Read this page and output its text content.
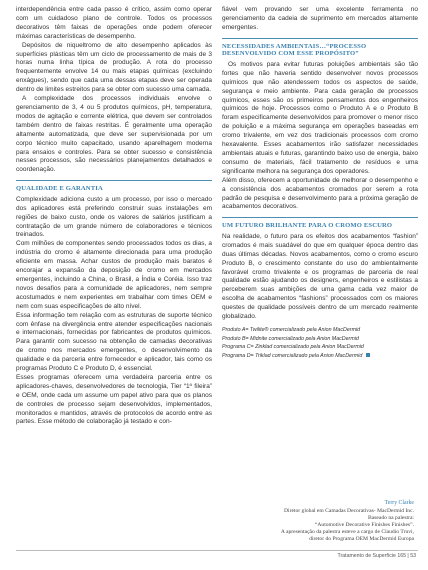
interdependência entre cada passo é crítico, assim como operar com um cuidadoso plano de controle. Todos os processos decorativos têm faixas de operações onde podem oferecer máximas características de desempenho.

Depósitos de niqueltromo de alto desempenho aplicados às superfícies plásticas têm um ciclo de processamento de mais de 3 horas numa linha típica de produção. A rota do processo frequentemente envolve 14 ou mais etapas químicas (excluindo enxágues), sendo que cada uma dessas etapas deve ser operada dentro de limites estreitos para se obter com sucesso uma camada.

A complexidade dos processos individuais envolve o gerenciamento de 3, 4 ou 5 produtos químicos, pH, temperatura, modos de agitação e corrente elétrica, que devem ser controlados também dentro de faixas restritas. É geralmente uma operação altamente automatizada, que deve ser supervisionada por um corpo técnico muito capacitado, usando aparelhagem moderna para ensaios e controles. Para se obter sucesso e consistência nesses processos, são necessários planejamentos detalhados e coordenação.

QUALIDADE E GARANTIA

Complexidade adiciona custo a um processo, por isso o mercado dos aplicadores está preferindo construir suas instalações em regiões de baixo custo, onde os valores de salários justificam a contratação de um grande número de colaboradores e técnicos treinados.

Com milhões de componentes sendo processados todos os dias, a indústria do cromo é altamente direcionada para uma produção eficiente em massa. Achar custos de produção mais baratos é encorajar a expansão da deposição de cromo em mercados emergentes, incluindo a China, o Brasil, a Índia e Coréia. Isso traz novos desafios para a comunidade de aplicadores, nem sempre acostumados e nem experientes em trabalhar com times OEM e nem com suas especificações de alto nível.

Essa informação tem relação com as estruturas de suporte técnico com ênfase na divergência entre atender especificações nacionais e internacionais, fornecidas por fabricantes de produtos químicos. Para garantir com sucesso na obtenção de camadas decorativas de cromo nos mercados emergentes, o desenvolvimento da qualidade e da parceria entre fornecedor e aplicador, tais como os programas Produto C e Produto D, é essencial.

Esses programas oferecem uma verdadeira parceria entre os aplicadores-chaves, desenvolvedores de tecnologia, Tier “1º fileira” e OEM, onde cada um assume um papel ativo para que os planos de controles de processo sejam desenvolvidos, implementados, monitorados e mantidos, através de protocolos de acordo entre as partes. Esse método de colaboração já testado e con-

fiável vem provando ser uma excelente ferramenta no gerenciamento da cadeia de suprimento em mercados altamente emergentes.

NECESSIDADES AMBIENTAIS…“PROCESSO DESENVOLVIDO COM ESSE PROPÓSITO”

Os motivos para evitar futuras poluições ambientais são tão fortes que não haveria sentido desenvolver novos processos químicos que não atendessem todos os aspectos de saúde, segurança e meio ambiente. Para cada geração de processos químicos, esses são os primeiros pensamentos dos engenheiros químicos de hoje. Processos como o Produto A e o Produto B foram especificamente desenvolvidos para promover o menor risco de poluição e a máxima segurança em operações baseadas em cromo trivalente, em vez dos tradicionais processos com cromo hexavalente. Esses acabamentos irão satisfazer necessidades ambientais atuais e futuras, garantindo baixo uso de energia, baixo consumo de materiais, fácil tratamento de resíduos e uma significante melhora na segurança dos operadores.

Além disso, oferecem a oportunidade de melhorar o desempenho e a consistência dos acabamentos cromados por serem a rota padrão de pesquisa e desenvolvimento para a próxima geração de acabamentos decorativos.

UM FUTURO BRILHANTE PARA O CROMO ESCURO

Na realidade, o futuro para os efeitos dos acabamentos “fashion” cromados é mais suadável do que em qualquer época dentro das duas últimas décadas. Novos acabamentos, como o cromo escuro Produto B, o crescimento constante do uso do ambientalmente favorável cromo trivalente e os programas de parceria de real qualidade estão ajudando os designers, engenheiros e estilistas a perceberem suas ambições de uma gama cada vez maior de escolha de acabamentos “fashions” processados com os maiores questes de qualidade possíveis dentro de um mercado realmente globalizado.

Produto A= Twilite® comercializado pela Anion MacDermid
Produto B= Midnite comercializado pela Anion MacDermid
Programa C= Zinklad comercializado pela Anion MacDermid
Programa D= Triklad comercializado pela Anion MacDermid
Terry Clarke
Diretor global em Camadas Decorativas- MacDermid Inc.
Baseado na palestra:
“Automotive Decorative Finishes Finishes”.
A apresentação da palestra esteve a cargo de Claudio Truvi,
diretor do Programa OEM MacDermid Europa
Tratamento de Superfície 165 | 53
